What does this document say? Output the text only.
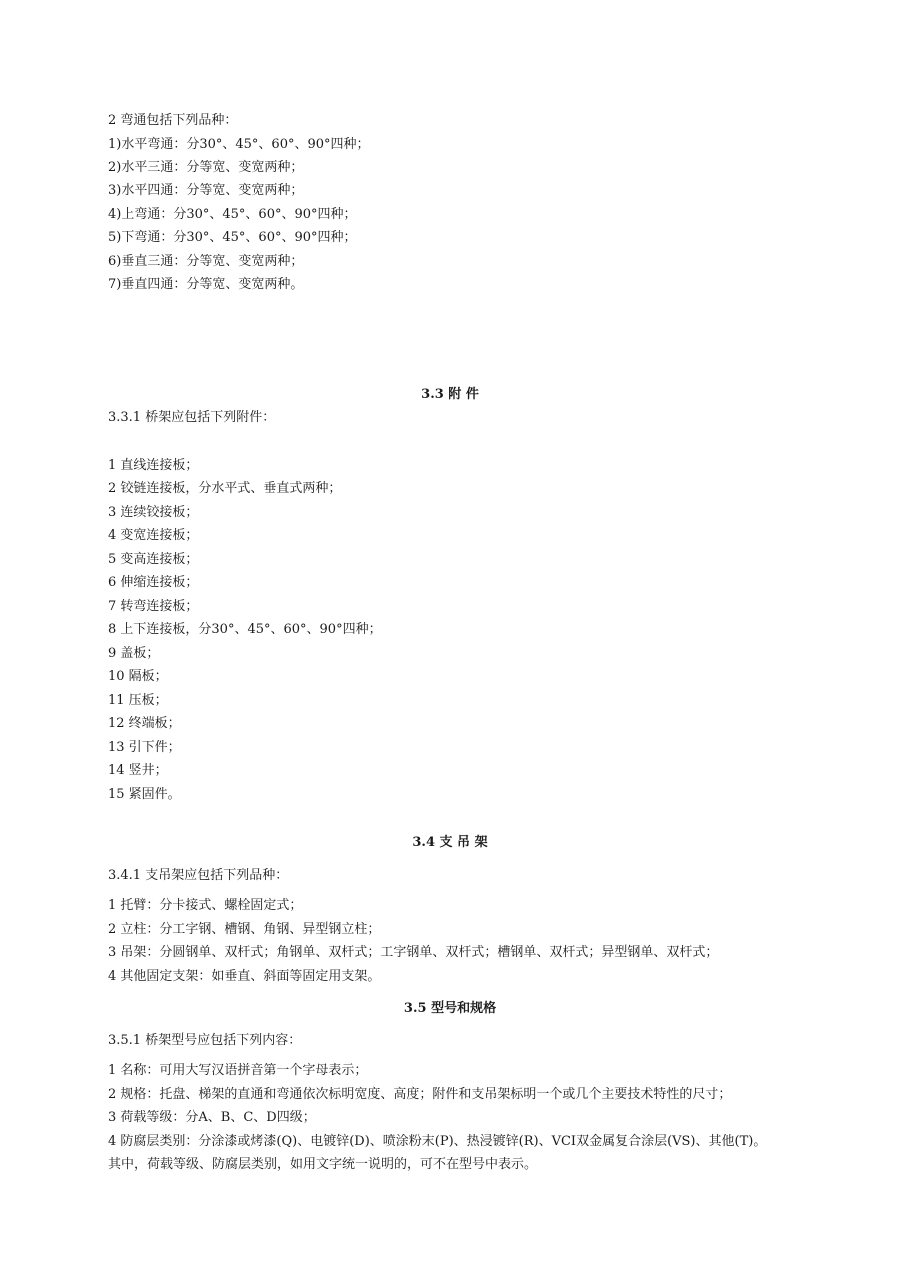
2 弯通包括下列品种：
1)水平弯通：分30°、45°、60°、90°四种；
2)水平三通：分等宽、变宽两种；
3)水平四通：分等宽、变宽两种；
4)上弯通：分30°、45°、60°、90°四种；
5)下弯通：分30°、45°、60°、90°四种；
6)垂直三通：分等宽、变宽两种；
7)垂直四通：分等宽、变宽两种。
3.3 附 件
3.3.1 桥架应包括下列附件：
1 直线连接板；
2 铰链连接板，分水平式、垂直式两种；
3 连续铰接板；
4 变宽连接板；
5 变高连接板；
6 伸缩连接板；
7 转弯连接板；
8 上下连接板，分30°、45°、60°、90°四种；
9 盖板；
10 隔板；
11 压板；
12 终端板；
13 引下件；
14 竖井；
15 紧固件。
3.4 支 吊 架
3.4.1 支吊架应包括下列品种：
1 托臂：分卡接式、螺栓固定式；
2 立柱：分工字钢、槽钢、角钢、异型钢立柱；
3 吊架：分圆钢单、双杆式；角钢单、双杆式；工字钢单、双杆式；槽钢单、双杆式；异型钢单、双杆式；
4 其他固定支架：如垂直、斜面等固定用支架。
3.5 型号和规格
3.5.1 桥架型号应包括下列内容：
1 名称：可用大写汉语拼音第一个字母表示；
2 规格：托盘、梯架的直通和弯通依次标明宽度、高度；附件和支吊架标明一个或几个主要技术特性的尺寸；
3 荷载等级：分A、B、C、D四级；
4 防腐层类别：分涂漆或烤漆(Q)、电镀锌(D)、喷涂粉末(P)、热浸镀锌(R)、VCI双金属复合涂层(VS)、其他(T)。
其中，荷载等级、防腐层类别，如用文字统一说明的，可不在型号中表示。
